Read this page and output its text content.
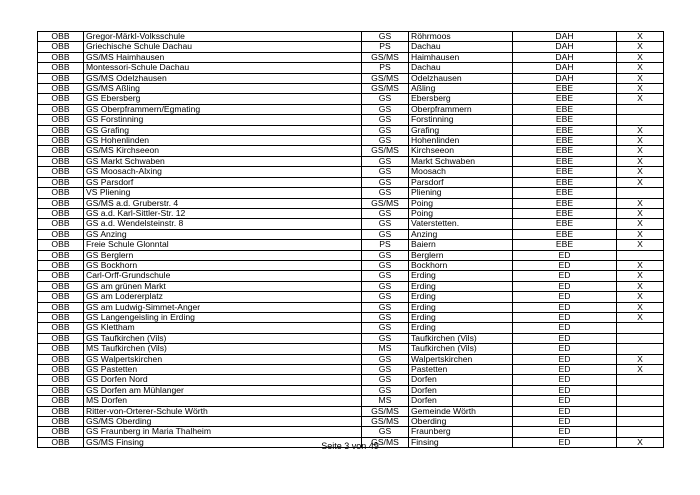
OBB	Gregor-Märkl-Volksschule	GS	Röhrmoos	DAH	X
OBB	Griechische Schule Dachau	PS	Dachau	DAH	X
OBB	GS/MS Haimhausen	GS/MS	Haimhausen	DAH	X
OBB	Montessori-Schule Dachau	PS	Dachau	DAH	X
OBB	GS/MS Odelzhausen	GS/MS	Odelzhausen	DAH	X
OBB	GS/MS Aßling	GS/MS	Aßling	EBE	X
OBB	GS Ebersberg	GS	Ebersberg	EBE	X
OBB	GS Oberpframmern/Egmating	GS	Oberpframmern	EBE	
OBB	GS Forstinning	GS	Forstinning	EBE	
OBB	GS Grafing	GS	Grafing	EBE	X
OBB	GS Hohenlinden	GS	Hohenlinden	EBE	X
OBB	GS/MS Kirchseeon	GS/MS	Kirchseeon	EBE	X
OBB	GS Markt Schwaben	GS	Markt Schwaben	EBE	X
OBB	GS Moosach-Alxing	GS	Moosach	EBE	X
OBB	GS Parsdorf	GS	Parsdorf	EBE	X
OBB	VS Pliening	GS	Pliening	EBE	
OBB	GS/MS a.d. Gruberstr. 4	GS/MS	Poing	EBE	X
OBB	GS a.d. Karl-Sittler-Str. 12	GS	Poing	EBE	X
OBB	GS a.d. Wendelsteinstr. 8	GS	Vaterstetten.	EBE	X
OBB	GS Anzing	GS	Anzing	EBE	X
OBB	Freie Schule Glonntal	PS	Baiern	EBE	X
OBB	GS Berglern	GS	Berglern	ED	
OBB	GS Bockhorn	GS	Bockhorn	ED	X
OBB	Carl-Orff-Grundschule	GS	Erding	ED	X
OBB	GS am grünen Markt	GS	Erding	ED	X
OBB	GS am Lodererplatz	GS	Erding	ED	X
OBB	GS am Ludwig-Simmet-Anger	GS	Erding	ED	X
OBB	GS Langengeisling in Erding	GS	Erding	ED	X
OBB	GS Klettham	GS	Erding	ED	
OBB	GS Taufkirchen (Vils)	GS	Taufkirchen (Vils)	ED	
OBB	MS Taufkirchen (Vils)	MS	Taufkirchen (Vils)	ED	
OBB	GS Walpertskirchen	GS	Walpertskirchen	ED	X
OBB	GS Pastetten	GS	Pastetten	ED	X
OBB	GS Dorfen Nord	GS	Dorfen	ED	
OBB	GS Dorfen am Mühlanger	GS	Dorfen	ED	
OBB	MS Dorfen	MS	Dorfen	ED	
OBB	Ritter-von-Orterer-Schule Wörth	GS/MS	Gemeinde Wörth	ED	
OBB	GS/MS Oberding	GS/MS	Oberding	ED	
OBB	GS Fraunberg in Maria Thalheim	GS	Fraunberg	ED	
OBB	GS/MS Finsing	GS/MS	Finsing	ED	X
Seite 3 von 49
